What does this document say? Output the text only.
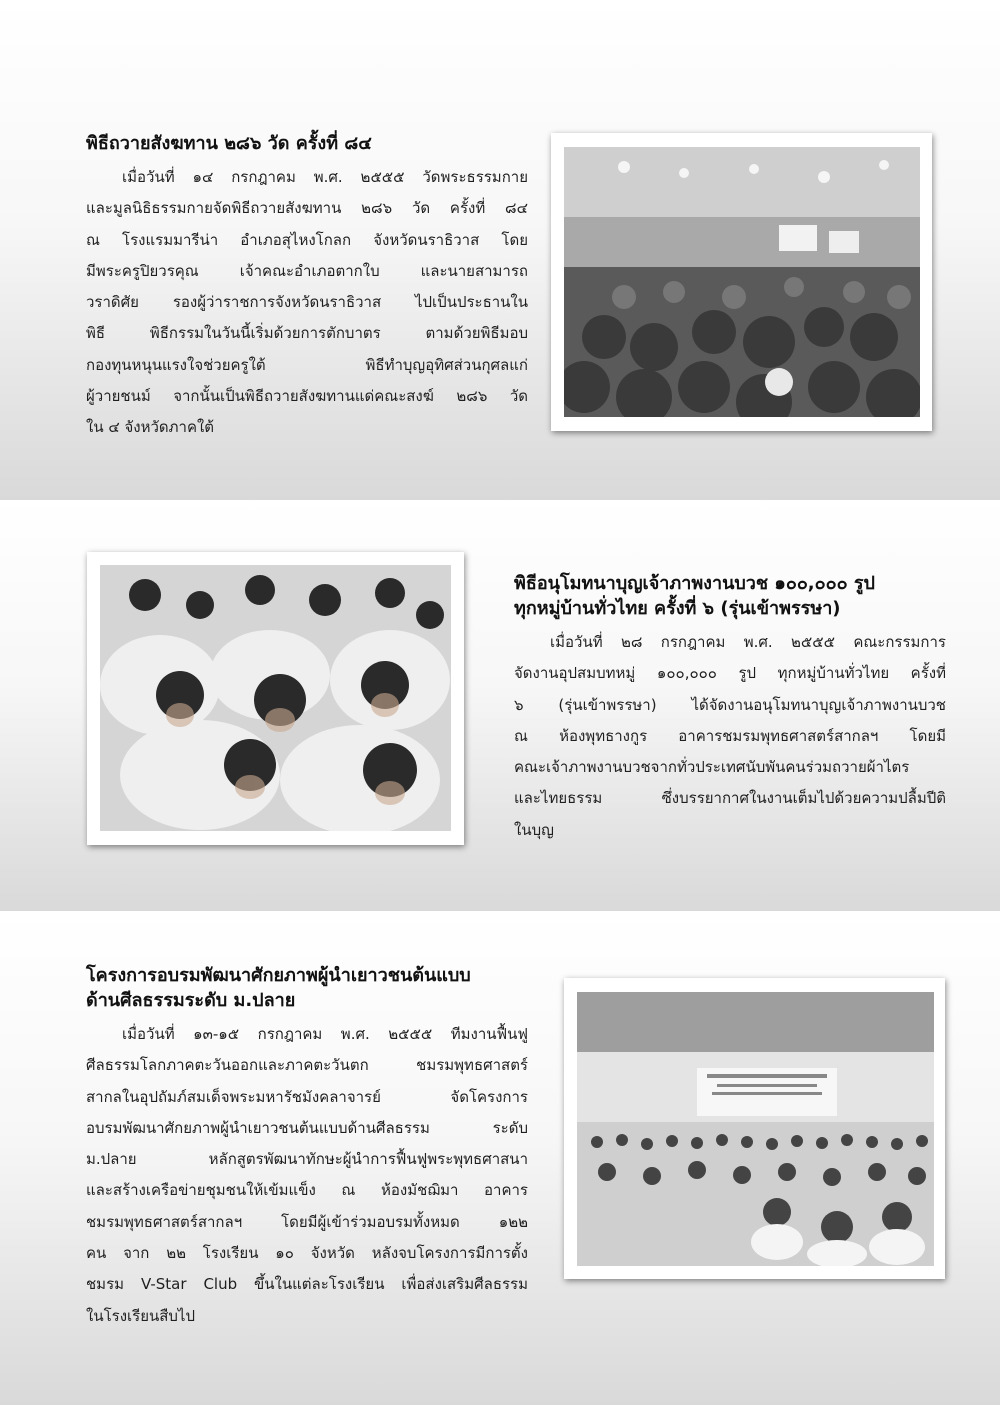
พิธีถวายสังฆทาน ๒๘๖ วัด ครั้งที่ ๘๔
เมื่อวันที่ ๑๔ กรกฎาคม พ.ศ. ๒๕๕๕ วัดพระธรรมกาย
และมูลนิธิธรรมกายจัดพิธีถวายสังฆทาน ๒๘๖ วัด ครั้งที่ ๘๔
ณ โรงแรมมารีน่า อำเภอสุไหงโกลก จังหวัดนราธิวาส โดย
มีพระครูปิยวรคุณ เจ้าคณะอำเภอตากใบ และนายสามารถ
วราดิศัย รองผู้ว่าราชการจังหวัดนราธิวาส ไปเป็นประธานใน
พิธี พิธีกรรมในวันนี้เริ่มด้วยการตักบาตร ตามด้วยพิธีมอบ
กองทุนหนุนแรงใจช่วยครูใต้ พิธีทำบุญอุทิศส่วนกุศลแก่
ผู้วายชนม์ จากนั้นเป็นพิธีถวายสังฆทานแด่คณะสงฆ์ ๒๘๖ วัด
ใน ๔ จังหวัดภาคใต้
พิธีอนุโมทนาบุญเจ้าภาพงานบวช ๑๐๐,๐๐๐ รูป
ทุกหมู่บ้านทั่วไทย ครั้งที่ ๖ (รุ่นเข้าพรรษา)
เมื่อวันที่ ๒๘ กรกฎาคม พ.ศ. ๒๕๕๕ คณะกรรมการ
จัดงานอุปสมบทหมู่ ๑๐๐,๐๐๐ รูป ทุกหมู่บ้านทั่วไทย ครั้งที่
๖ (รุ่นเข้าพรรษา) ได้จัดงานอนุโมทนาบุญเจ้าภาพงานบวช
ณ ห้องพุทธางกูร อาคารชมรมพุทธศาสตร์สากลฯ โดยมี
คณะเจ้าภาพงานบวชจากทั่วประเทศนับพันคนร่วมถวายผ้าไตร
และไทยธรรม ซึ่งบรรยากาศในงานเต็มไปด้วยความปลื้มปีติ
ในบุญ
โครงการอบรมพัฒนาศักยภาพผู้นำเยาวชนต้นแบบ
ด้านศีลธรรมระดับ ม.ปลาย
เมื่อวันที่ ๑๓-๑๕ กรกฎาคม พ.ศ. ๒๕๕๕ ทีมงานฟื้นฟู
ศีลธรรมโลกภาคตะวันออกและภาคตะวันตก ชมรมพุทธศาสตร์
สากลในอุปถัมภ์สมเด็จพระมหารัชมังคลาจารย์ จัดโครงการ
อบรมพัฒนาศักยภาพผู้นำเยาวชนต้นแบบด้านศีลธรรม ระดับ
ม.ปลาย หลักสูตรพัฒนาทักษะผู้นำการฟื้นฟูพระพุทธศาสนา
และสร้างเครือข่ายชุมชนให้เข้มแข็ง ณ ห้องมัชฌิมา อาคาร
ชมรมพุทธศาสตร์สากลฯ โดยมีผู้เข้าร่วมอบรมทั้งหมด ๑๒๒
คน จาก ๒๒ โรงเรียน ๑๐ จังหวัด หลังจบโครงการมีการตั้ง
ชมรม V-Star Club ขึ้นในแต่ละโรงเรียน เพื่อส่งเสริมศีลธรรม
ในโรงเรียนสืบไป
